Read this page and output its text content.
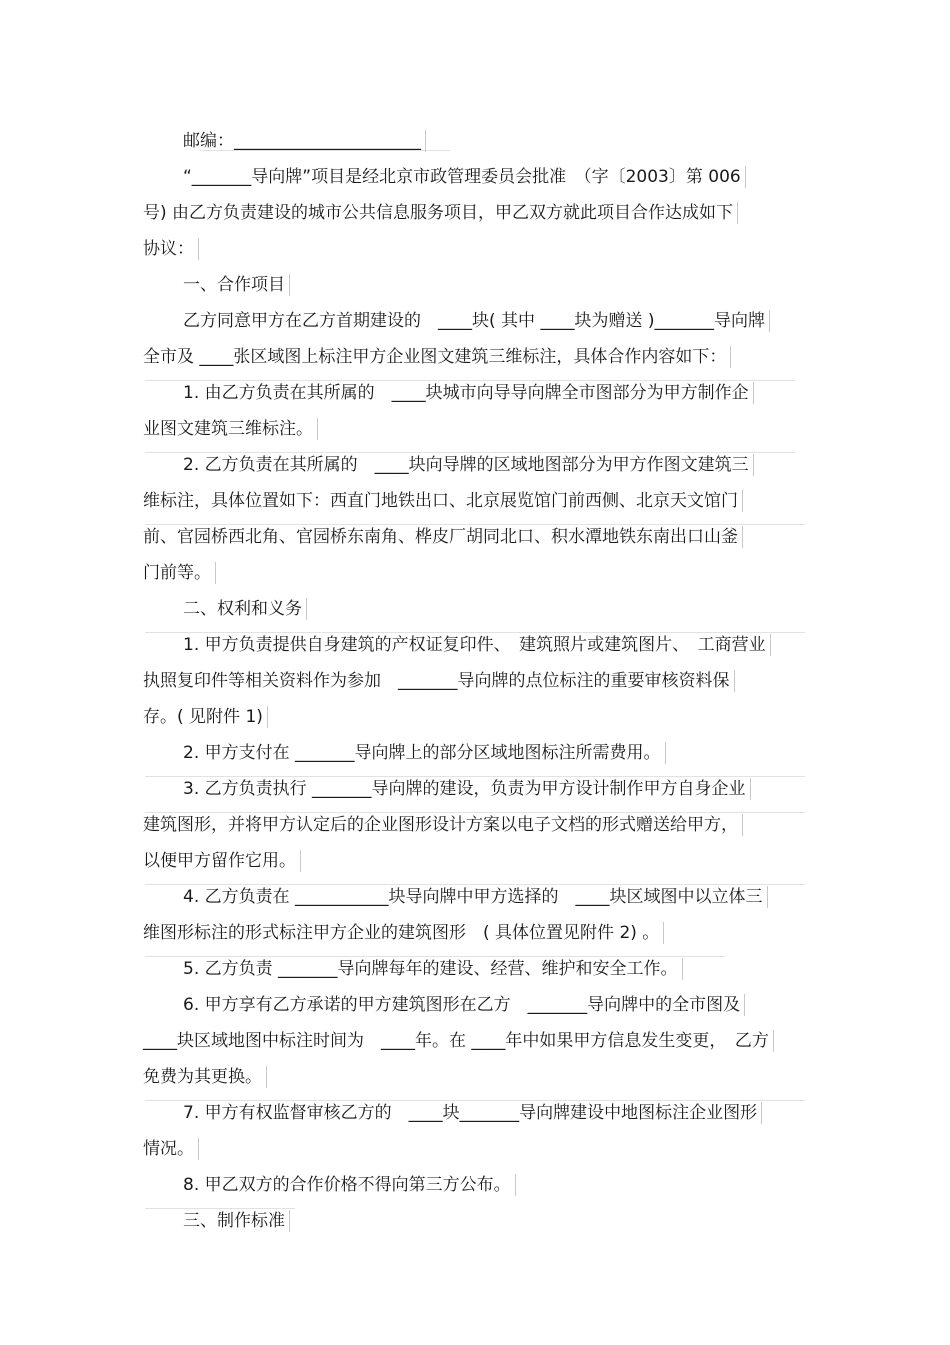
邮编：______________________
“_______导向牌”项目是经北京市政管理委员会批准　（字〔2003〕第 006
号) 由乙方负责建设的城市公共信息服务项目，甲乙双方就此项目合作达成如下
协议：
一、合作项目
乙方同意甲方在乙方首期建设的　____块( 其中 ____块为赠送 )_______导向牌
全市及 ____张区域图上标注甲方企业图文建筑三维标注，具体合作内容如下：
1. 由乙方负责在其所属的　____块城市向导导向牌全市图部分为甲方制作企
业图文建筑三维标注。
2. 乙方负责在其所属的　____块向导牌的区域地图部分为甲方作图文建筑三
维标注，具体位置如下：西直门地铁出口、北京展览馆门前西侧、北京天文馆门
前、官园桥西北角、官园桥东南角、桦皮厂胡同北口、积水潭地铁东南出口山釜
门前等。
二、权利和义务
1. 甲方负责提供自身建筑的产权证复印件、　建筑照片或建筑图片、　工商营业
执照复印件等相关资料作为参加　_______导向牌的点位标注的重要审核资料保
存。( 见附件 1)
2. 甲方支付在 _______导向牌上的部分区域地图标注所需费用。
3. 乙方负责执行 _______导向牌的建设，负责为甲方设计制作甲方自身企业
建筑图形，并将甲方认定后的企业图形设计方案以电子文档的形式赠送给甲方，
以便甲方留作它用。
4. 乙方负责在 ___________块导向牌中甲方选择的　____块区域图中以立体三
维图形标注的形式标注甲方企业的建筑图形　( 具体位置见附件 2) 。
5. 乙方负责 _______导向牌每年的建设、经营、维护和安全工作。
6. 甲方享有乙方承诺的甲方建筑图形在乙方　_______导向牌中的全市图及
____块区域地图中标注时间为　____年。在 ____年中如果甲方信息发生变更，　乙方
免费为其更换。
7. 甲方有权监督审核乙方的　____块_______导向牌建设中地图标注企业图形
情况。
8. 甲乙双方的合作价格不得向第三方公布。
三、制作标准
